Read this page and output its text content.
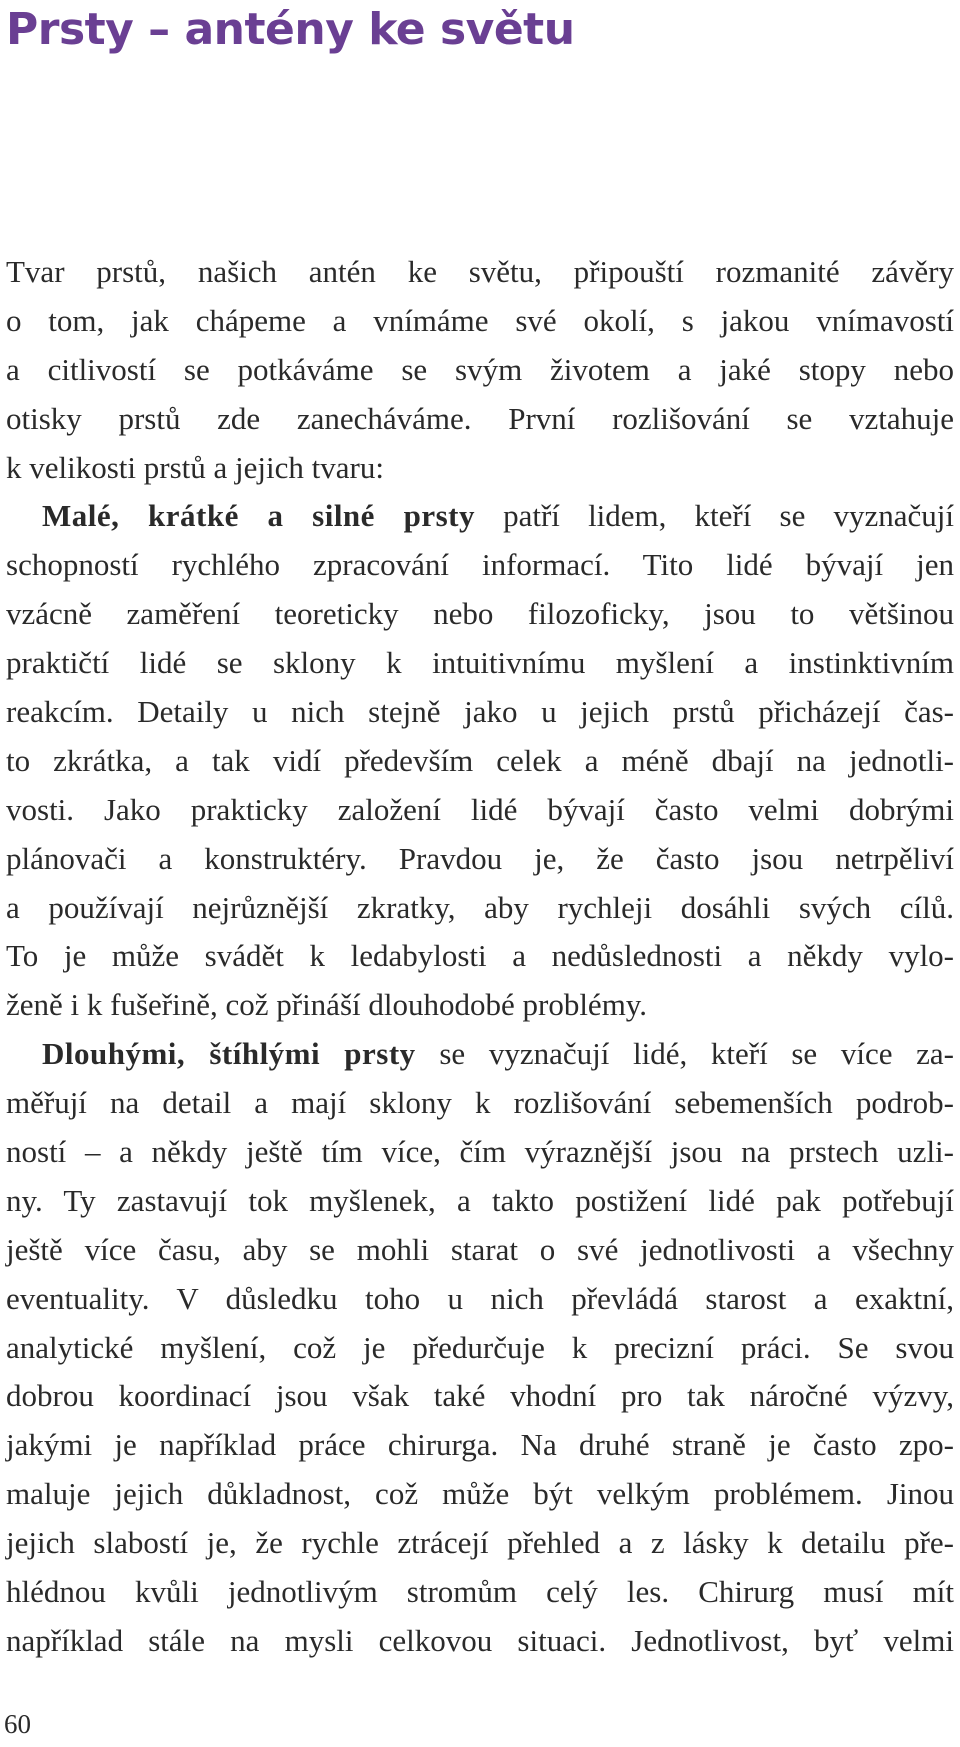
Prsty – antény ke světu
Tvar prstů, našich antén ke světu, připouští rozmanité závěry
o tom, jak chápeme a vnímáme své okolí, s jakou vnímavostí
a citlivostí se potkáváme se svým životem a jaké stopy nebo
otisky prstů zde zanecháváme. První rozlišování se vztahuje
k velikosti prstů a jejich tvaru:
Malé, krátké a silné prsty patří lidem, kteří se vyznačují
schopností rychlého zpracování informací. Tito lidé bývají jen
vzácně zaměření teoreticky nebo filozoficky, jsou to většinou
praktičtí lidé se sklony k intuitivnímu myšlení a instinktivním
reakcím. Detaily u nich stejně jako u jejich prstů přicházejí čas-
to zkrátka, a tak vidí především celek a méně dbají na jednotli-
vosti. Jako prakticky založení lidé bývají často velmi dobrými
plánovači a konstruktéry. Pravdou je, že často jsou netrpěliví
a používají nejrůznější zkratky, aby rychleji dosáhli svých cílů.
To je může svádět k ledabylosti a nedůslednosti a někdy vylo-
ženě i k fušeřině, což přináší dlouhodobé problémy.
Dlouhými, štíhlými prsty se vyznačují lidé, kteří se více za-
měřují na detail a mají sklony k rozlišování sebemenších podrob-
ností – a někdy ještě tím více, čím výraznější jsou na prstech uzli-
ny. Ty zastavují tok myšlenek, a takto postižení lidé pak potřebují
ještě více času, aby se mohli starat o své jednotlivosti a všechny
eventuality. V důsledku toho u nich převládá starost a exaktní,
analytické myšlení, což je předurčuje k precizní práci. Se svou
dobrou koordinací jsou však také vhodní pro tak náročné výzvy,
jakými je například práce chirurga. Na druhé straně je často zpo-
maluje jejich důkladnost, což může být velkým problémem. Jinou
jejich slabostí je, že rychle ztrácejí přehled a z lásky k detailu pře-
hlédnou kvůli jednotlivým stromům celý les. Chirurg musí mít
například stále na mysli celkovou situaci. Jednotlivost, byť velmi
60
